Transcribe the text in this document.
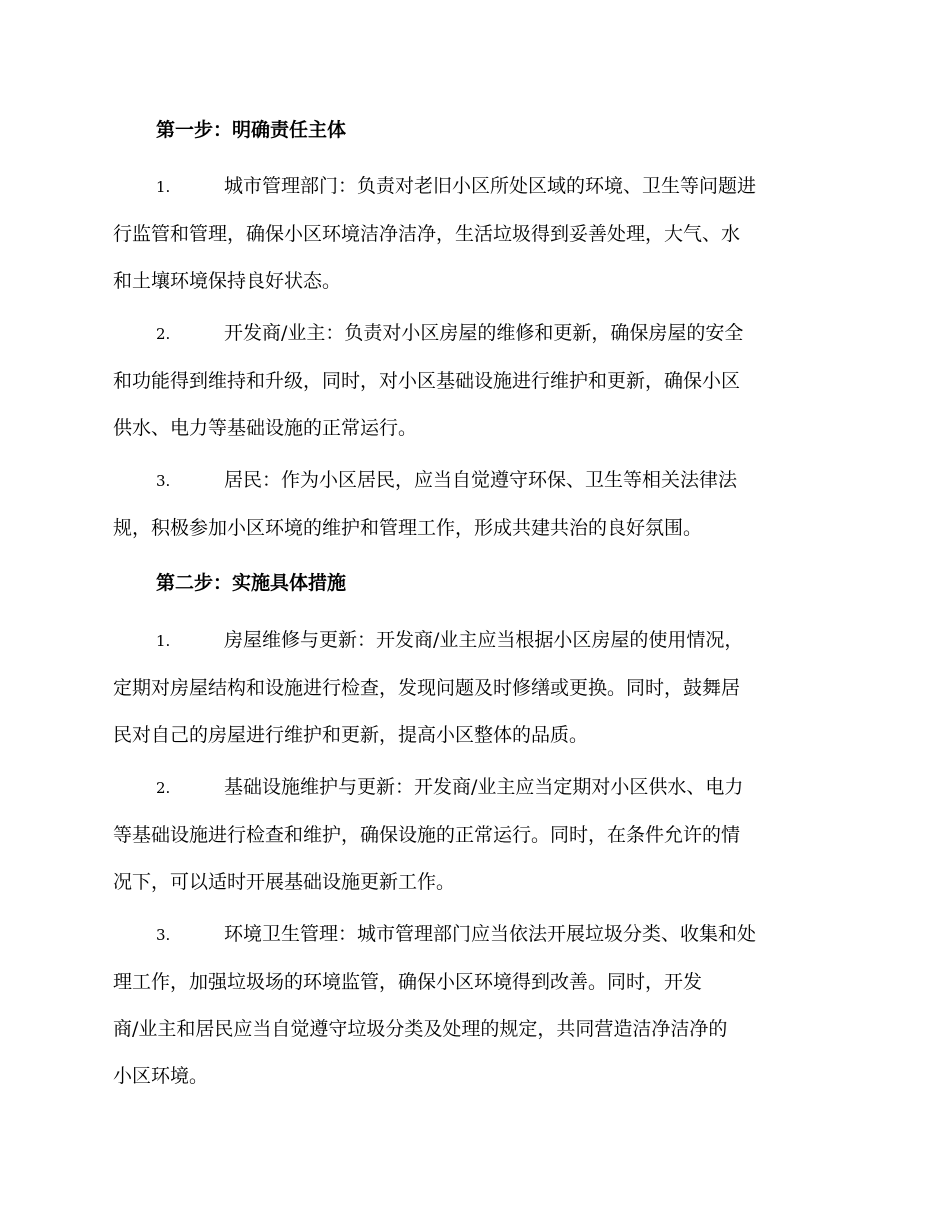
第一步：明确责任主体
1.	城市管理部门：负责对老旧小区所处区域的环境、卫生等问题进
行监管和管理，确保小区环境洁净洁净，生活垃圾得到妥善处理，大气、水
和土壤环境保持良好状态。
2.	开发商/业主：负责对小区房屋的维修和更新，确保房屋的安全
和功能得到维持和升级，同时，对小区基础设施进行维护和更新，确保小区
供水、电力等基础设施的正常运行。
3.	居民：作为小区居民，应当自觉遵守环保、卫生等相关法律法
规，积极参加小区环境的维护和管理工作，形成共建共治的良好氛围。
第二步：实施具体措施
1.	房屋维修与更新：开发商/业主应当根据小区房屋的使用情况，
定期对房屋结构和设施进行检查，发现问题及时修缮或更换。同时，鼓舞居
民对自己的房屋进行维护和更新，提高小区整体的品质。
2.	基础设施维护与更新：开发商/业主应当定期对小区供水、电力
等基础设施进行检查和维护，确保设施的正常运行。同时，在条件允许的情
况下，可以适时开展基础设施更新工作。
3.	环境卫生管理：城市管理部门应当依法开展垃圾分类、收集和处
理工作，加强垃圾场的环境监管，确保小区环境得到改善。同时，开发
商/业主和居民应当自觉遵守垃圾分类及处理的规定，共同营造洁净洁净的
小区环境。
